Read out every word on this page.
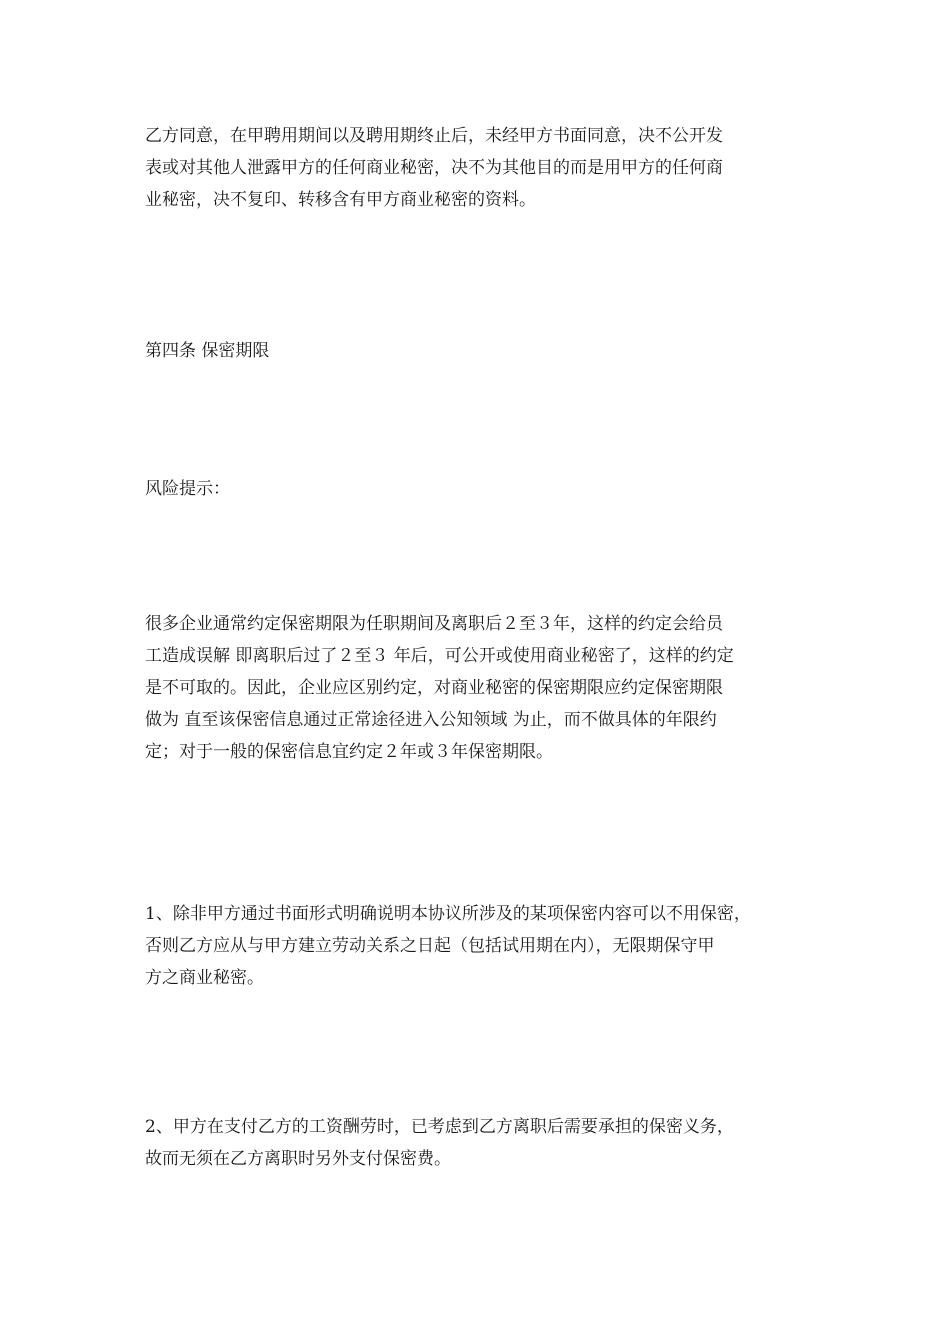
乙方同意，在甲聘用期间以及聘用期终止后，未经甲方书面同意，决不公开发
表或对其他人泄露甲方的任何商业秘密，决不为其他目的而是用甲方的任何商
业秘密，决不复印、转移含有甲方商业秘密的资料。
第四条 保密期限
风险提示：
很多企业通常约定保密期限为任职期间及离职后２至３年，这样的约定会给员
工造成误解 即离职后过了２至３ 年后，可公开或使用商业秘密了，这样的约定
是不可取的。因此，企业应区别约定，对商业秘密的保密期限应约定保密期限
做为 直至该保密信息通过正常途径进入公知领域 为止，而不做具体的年限约
定；对于一般的保密信息宜约定２年或３年保密期限。
1、除非甲方通过书面形式明确说明本协议所涉及的某项保密内容可以不用保密，
否则乙方应从与甲方建立劳动关系之日起（包括试用期在内），无限期保守甲
方之商业秘密。
2、甲方在支付乙方的工资酬劳时，已考虑到乙方离职后需要承担的保密义务，
故而无须在乙方离职时另外支付保密费。
